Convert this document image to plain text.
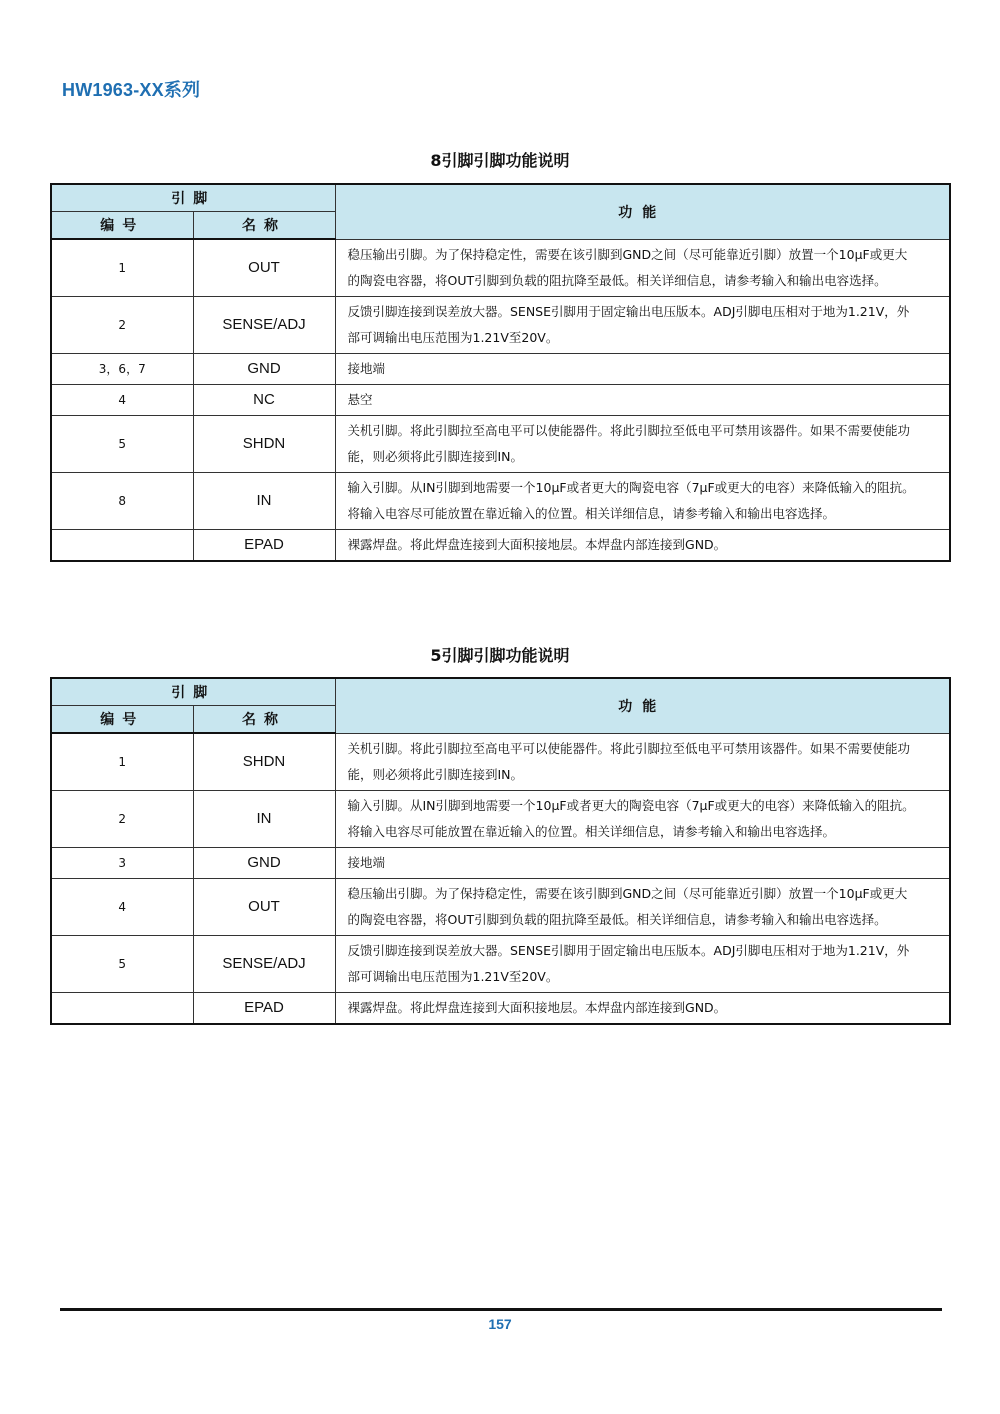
HW1963-XX系列
8引脚引脚功能说明
引脚		功能
编号	名称	
1	OUT	稳压输出引脚。为了保持稳定性，需要在该引脚到GND之间（尽可能靠近引脚）放置一个10μF或更大
的陶瓷电容器，将OUT引脚到负载的阻抗降至最低。相关详细信息，请参考输入和输出电容选择。

2	SENSE/ADJ	反馈引脚连接到误差放大器。SENSE引脚用于固定输出电压版本。ADJ引脚电压相对于地为1.21V，外
部可调输出电压范围为1.21V至20V。

3，6，7	GND	接地端

4	NC	悬空

5	SHDN	关机引脚。将此引脚拉至高电平可以使能器件。将此引脚拉至低电平可禁用该器件。如果不需要使能功
能，则必须将此引脚连接到IN。

8	IN	输入引脚。从IN引脚到地需要一个10μF或者更大的陶瓷电容（7μF或更大的电容）来降低输入的阻抗。
将输入电容尽可能放置在靠近输入的位置。相关详细信息，请参考输入和输出电容选择。

	EPAD	裸露焊盘。将此焊盘连接到大面积接地层。本焊盘内部连接到GND。
5引脚引脚功能说明
引脚		功能
编号	名称	
1	SHDN	关机引脚。将此引脚拉至高电平可以使能器件。将此引脚拉至低电平可禁用该器件。如果不需要使能功
能，则必须将此引脚连接到IN。

2	IN	输入引脚。从IN引脚到地需要一个10μF或者更大的陶瓷电容（7μF或更大的电容）来降低输入的阻抗。
将输入电容尽可能放置在靠近输入的位置。相关详细信息，请参考输入和输出电容选择。

3	GND	接地端

4	OUT	稳压输出引脚。为了保持稳定性，需要在该引脚到GND之间（尽可能靠近引脚）放置一个10μF或更大
的陶瓷电容器，将OUT引脚到负载的阻抗降至最低。相关详细信息，请参考输入和输出电容选择。

5	SENSE/ADJ	反馈引脚连接到误差放大器。SENSE引脚用于固定输出电压版本。ADJ引脚电压相对于地为1.21V，外
部可调输出电压范围为1.21V至20V。

	EPAD	裸露焊盘。将此焊盘连接到大面积接地层。本焊盘内部连接到GND。

157
